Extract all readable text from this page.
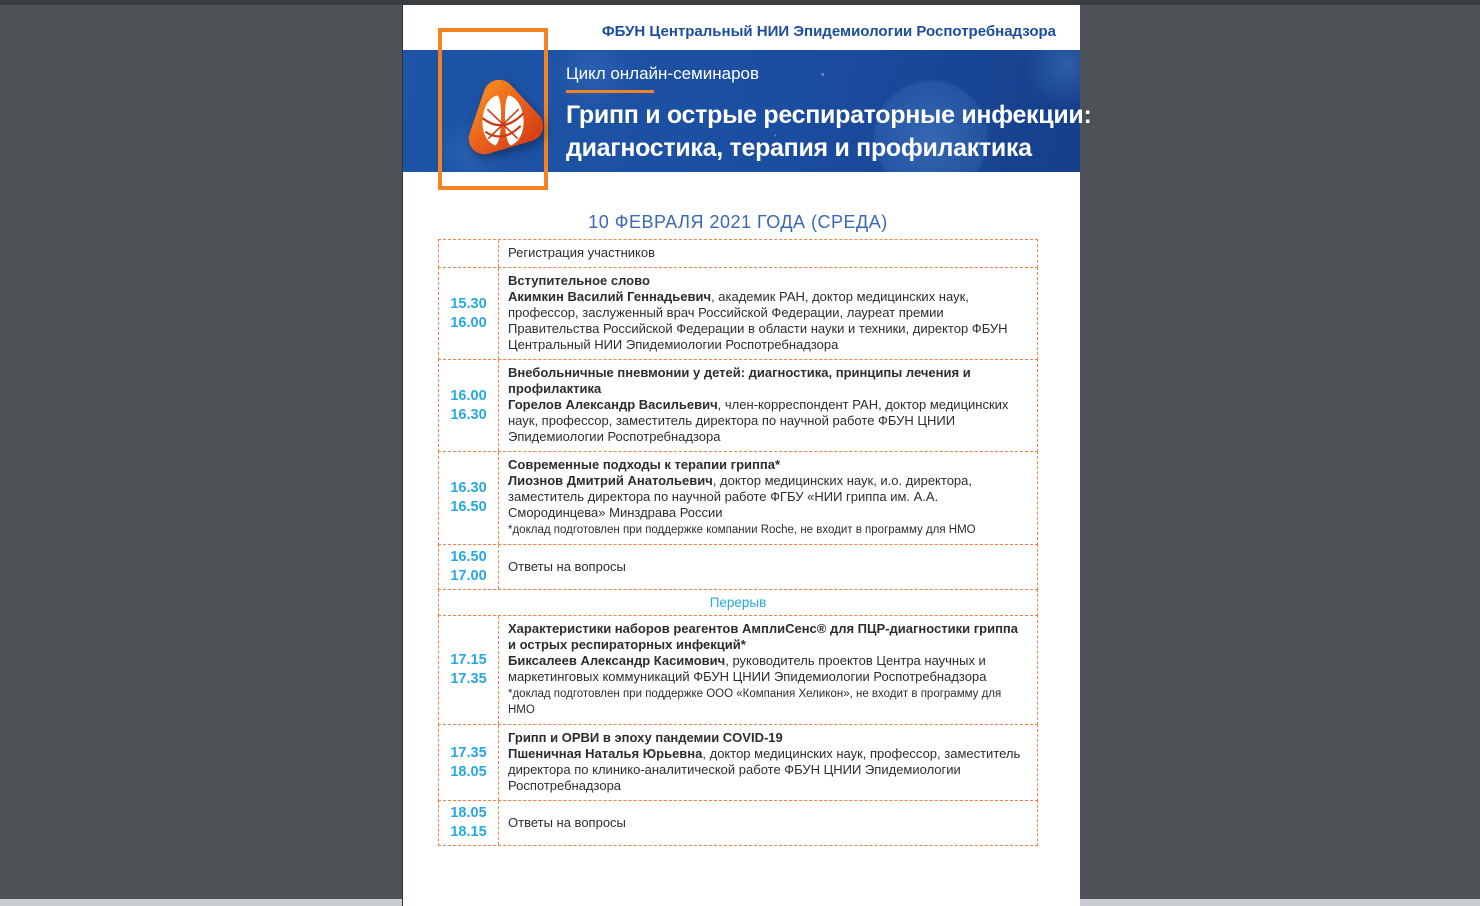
ФБУН Центральный НИИ Эпидемиологии Роспотребнадзора
Цикл онлайн-семинаров
Грипп и острые респираторные инфекции:
диагностика, терапия и профилактика
10 ФЕВРАЛЯ 2021 ГОДА (СРЕДА)
Регистрация участников
15.30
16.00
Вступительное слово
Акимкин Василий Геннадьевич, академик РАН, доктор медицинских наук, профессор, заслуженный врач Российской Федерации, лауреат премии Правительства Российской Федерации в области науки и техники, директор ФБУН Центральный НИИ Эпидемиологии Роспотребнадзора
16.00
16.30
Внебольничные пневмонии у детей: диагностика, принципы лечения и профилактика
Горелов Александр Васильевич, член-корреспондент РАН, доктор медицинских наук, профессор, заместитель директора по научной работе ФБУН ЦНИИ Эпидемиологии Роспотребнадзора
16.30
16.50
Современные подходы к терапии гриппа*
Лиознов Дмитрий Анатольевич, доктор медицинских наук, и.о. директора, заместитель директора по научной работе ФГБУ «НИИ гриппа им. А.А. Смородинцева» Минздрава России
*доклад подготовлен при поддержке компании Roche, не входит в программу для НМО
16.50
17.00
Ответы на вопросы
Перерыв
17.15
17.35
Характеристики наборов реагентов АмплиСенс® для ПЦР-диагностики гриппа и острых респираторных инфекций*
Биксалеев Александр Касимович, руководитель проектов Центра научных и маркетинговых коммуникаций ФБУН ЦНИИ Эпидемиологии Роспотребнадзора
*доклад подготовлен при поддержке ООО «Компания Хеликон», не входит в программу для НМО
17.35
18.05
Грипп и ОРВИ в эпоху пандемии COVID-19
Пшеничная Наталья Юрьевна, доктор медицинских наук, профессор, заместитель директора по клинико-аналитической работе ФБУН ЦНИИ Эпидемиологии Роспотребнадзора
18.05
18.15
Ответы на вопросы
